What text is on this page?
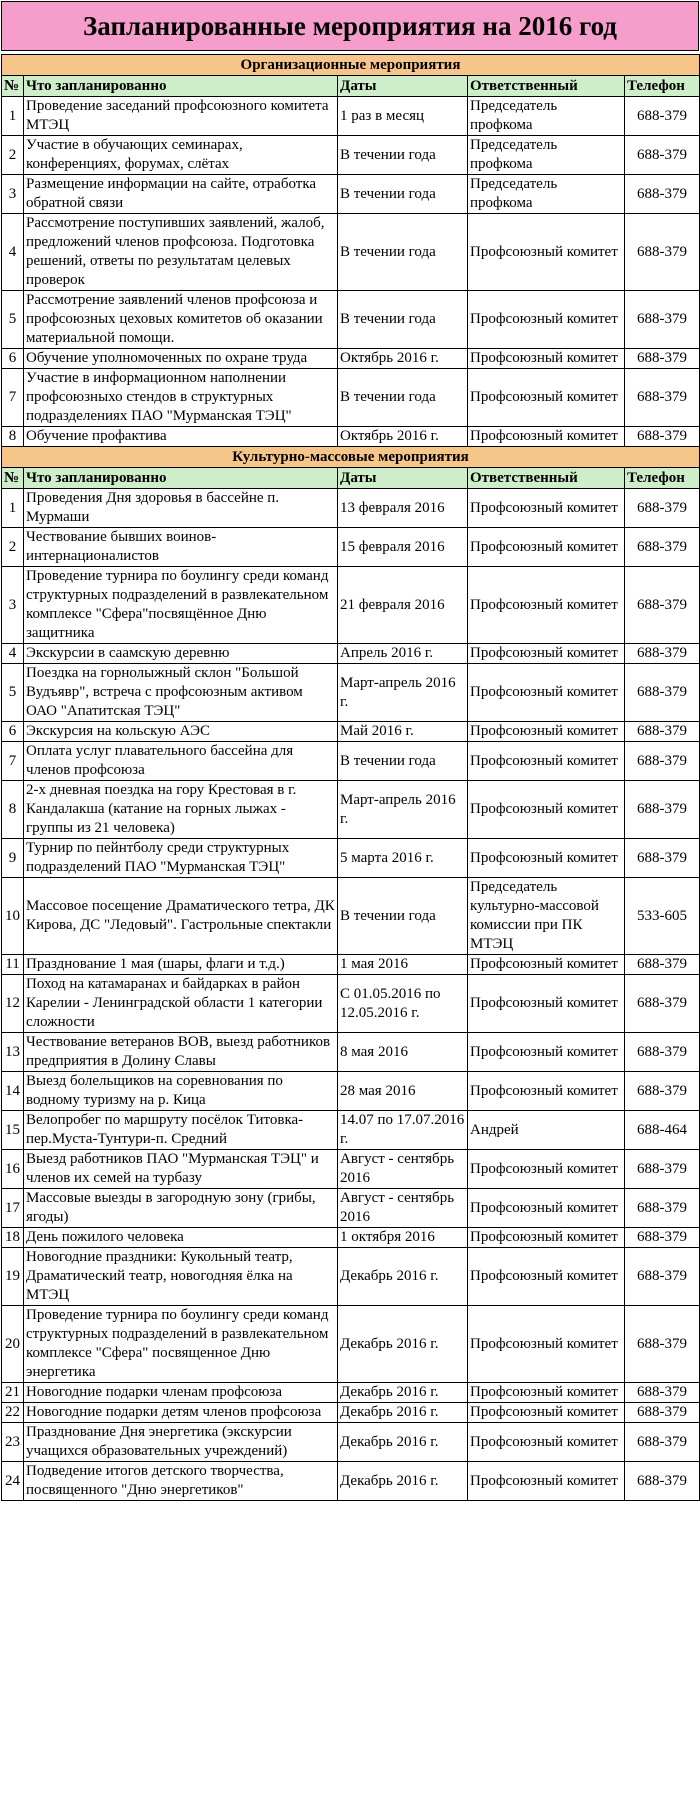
Запланированные мероприятия на 2016 год
Организационные мероприятия				
№	Что запланированно	Даты	Ответственный	Телефон
1	Проведение заседаний профсоюзного комитета МТЭЦ	1 раз в месяц	Председатель профкома	688-379
2	Участие в обучающих семинарах, конференциях, форумах, слётах	В течении года	Председатель профкома	688-379
3	Размещение информации на сайте, отработка обратной связи	В течении года	Председатель профкома	688-379
4	Рассмотрение поступивших заявлений, жалоб, предложений членов профсоюза. Подготовка решений, ответы по результатам целевых проверок	В течении года	Профсоюзный комитет	688-379
5	Рассмотрение заявлений членов профсоюза и профсоюзных цеховых комитетов об оказании материальной помощи.	В течении года	Профсоюзный комитет	688-379
6	Обучение уполномоченных по охране труда	Октябрь 2016 г.	Профсоюзный комитет	688-379
7	Участие в информационном наполнении профсоюзныхо стендов в структурных подразделениях ПАО "Мурманская ТЭЦ"	В течении года	Профсоюзный комитет	688-379
8	Обучение профактива	Октябрь 2016 г.	Профсоюзный комитет	688-379
Культурно-массовые мероприятия				
№	Что запланированно	Даты	Ответственный	Телефон
1	Проведения Дня здоровья в бассейне п. Мурмаши	13 февраля 2016	Профсоюзный комитет	688-379
2	Чествование бывших воинов-интернационалистов	15 февраля 2016	Профсоюзный комитет	688-379
3	Проведение турнира по боулингу среди команд структурных подразделений в развлекательном комплексе "Сфера"посвящённое Дню защитника	21 февраля 2016	Профсоюзный комитет	688-379
4	Экскурсии в саамскую деревню	Апрель 2016 г.	Профсоюзный комитет	688-379
5	Поездка на горнолыжный склон "Большой Вудъявр", встреча с профсоюзным активом ОАО "Апатитская ТЭЦ"	Март-апрель 2016 г.	Профсоюзный комитет	688-379
6	Экскурсия на кольскую АЭС	Май 2016 г.	Профсоюзный комитет	688-379
7	Оплата услуг плавательного бассейна для членов профсоюза	В течении года	Профсоюзный комитет	688-379
8	2-х дневная поездка на гору Крестовая в г. Кандалакша (катание на горных лыжах - группы из 21 человека)	Март-апрель 2016 г.	Профсоюзный комитет	688-379
9	Турнир по пейнтболу среди структурных подразделений ПАО "Мурманская ТЭЦ"	5 марта 2016 г.	Профсоюзный комитет	688-379
10	Массовое посещение Драматического тетра, ДК Кирова, ДС "Ледовый". Гастрольные спектакли	В течении года	Председатель культурно-массовой комиссии при ПК МТЭЦ	533-605
11	Празднование 1 мая (шары, флаги и т.д.)	1 мая 2016	Профсоюзный комитет	688-379
12	Поход на катамаранах и байдарках в район Карелии - Ленинградской области 1 категории сложности	С 01.05.2016 по 12.05.2016 г.	Профсоюзный комитет	688-379
13	Чествование ветеранов ВОВ, выезд работников предприятия в Долину Славы	8 мая 2016	Профсоюзный комитет	688-379
14	Выезд болельщиков на соревнования по водному туризму на р. Кица	28 мая 2016	Профсоюзный комитет	688-379
15	Велопробег по маршруту посёлок Титовка-пер.Муста-Тунтури-п. Средний	14.07 по 17.07.2016 г.	Андрей	688-464
16	Выезд работников ПАО "Мурманская ТЭЦ" и членов их семей на турбазу	Август - сентябрь 2016	Профсоюзный комитет	688-379
17	Массовые выезды в загородную зону (грибы, ягоды)	Август - сентябрь 2016	Профсоюзный комитет	688-379
18	День пожилого человека	1 октября 2016	Профсоюзный комитет	688-379
19	Новогодние праздники: Кукольный театр, Драматический театр, новогодняя ёлка на МТЭЦ	Декабрь 2016 г.	Профсоюзный комитет	688-379
20	Проведение турнира по боулингу среди команд структурных подразделений в развлекательном комплексе "Сфера" посвященное Дню энергетика	Декабрь 2016 г.	Профсоюзный комитет	688-379
21	Новогодние подарки членам профсоюза	Декабрь 2016 г.	Профсоюзный комитет	688-379
22	Новогодние подарки детям членов профсоюза	Декабрь 2016 г.	Профсоюзный комитет	688-379
23	Празднование Дня энергетика (экскурсии учащихся образовательных учреждений)	Декабрь 2016 г.	Профсоюзный комитет	688-379
24	Подведение итогов детского творчества, посвященного "Дню энергетиков"	Декабрь 2016 г.	Профсоюзный комитет	688-379
